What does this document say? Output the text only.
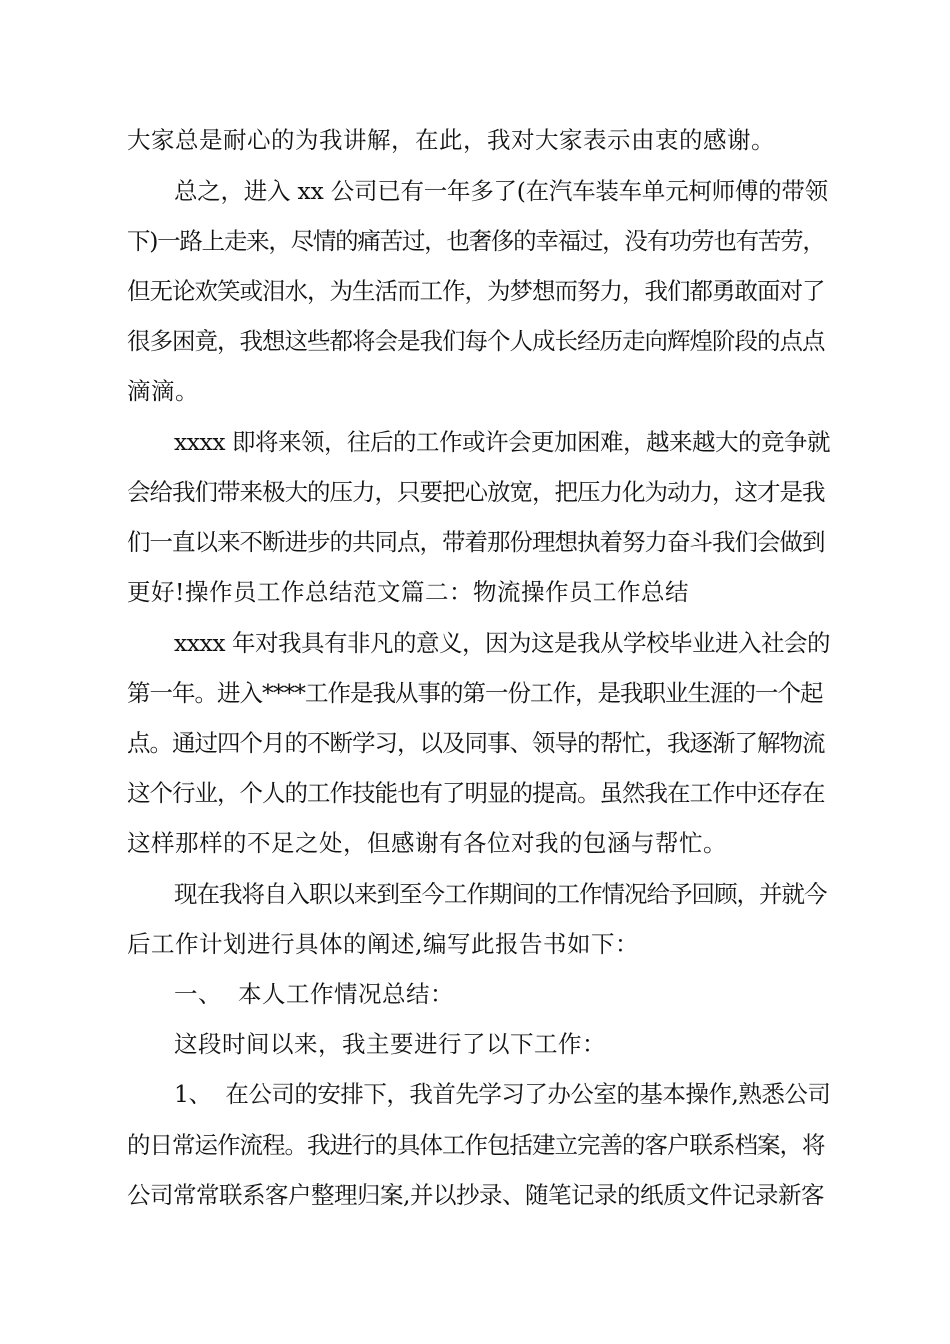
大家总是耐心的为我讲解，在此，我对大家表示由衷的感谢。
总之，进入 xx 公司已有一年多了(在汽车装车单元柯师傅的带领
下)一路上走来，尽情的痛苦过，也奢侈的幸福过，没有功劳也有苦劳，
但无论欢笑或泪水，为生活而工作，为梦想而努力，我们都勇敢面对了
很多困竟，我想这些都将会是我们每个人成长经历走向辉煌阶段的点点
滴滴。
xxxx 即将来领，往后的工作或许会更加困难，越来越大的竞争就
会给我们带来极大的压力，只要把心放宽，把压力化为动力，这才是我
们一直以来不断进步的共同点，带着那份理想执着努力奋斗我们会做到
更好!操作员工作总结范文篇二：物流操作员工作总结
xxxx 年对我具有非凡的意义，因为这是我从学校毕业进入社会的
第一年。进入****工作是我从事的第一份工作，是我职业生涯的一个起
点。通过四个月的不断学习，以及同事、领导的帮忙，我逐渐了解物流
这个行业，个人的工作技能也有了明显的提高。虽然我在工作中还存在
这样那样的不足之处，但感谢有各位对我的包涵与帮忙。
现在我将自入职以来到至今工作期间的工作情况给予回顾，并就今
后工作计划进行具体的阐述,编写此报告书如下：
一、  本人工作情况总结：
这段时间以来，我主要进行了以下工作：
1、  在公司的安排下，我首先学习了办公室的基本操作,熟悉公司
的日常运作流程。我进行的具体工作包括建立完善的客户联系档案，将
公司常常联系客户整理归案,并以抄录、随笔记录的纸质文件记录新客
